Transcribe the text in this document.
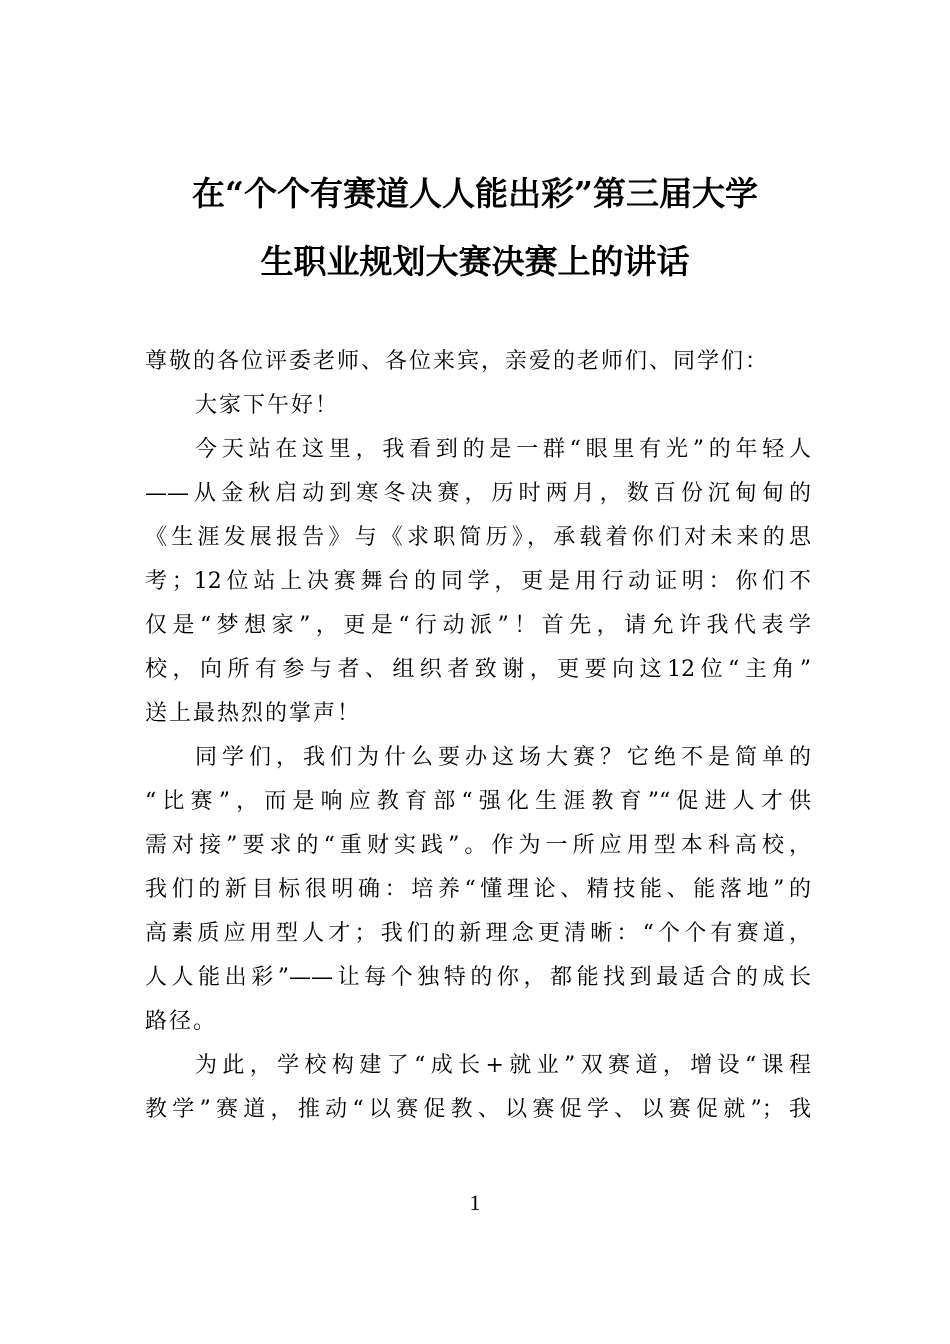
在“个个有赛道人人能出彩”第三届大学
生职业规划大赛决赛上的讲话
尊敬的各位评委老师、各位来宾，亲爱的老师们、同学们：
大家下午好！
今天站在这里，我看到的是一群“眼里有光”的年轻人
——从金秋启动到寒冬决赛，历时两月，数百份沉甸甸的
《生涯发展报告》与《求职简历》，承载着你们对未来的思
考；12位站上决赛舞台的同学，更是用行动证明：你们不
仅是“梦想家”，更是“行动派”！首先，请允许我代表学
校，向所有参与者、组织者致谢，更要向这12位“主角”
送上最热烈的掌声！
同学们，我们为什么要办这场大赛？它绝不是简单的
“比赛”，而是响应教育部“强化生涯教育”“促进人才供
需对接”要求的“重财实践”。作为一所应用型本科高校，
我们的新目标很明确：培养“懂理论、精技能、能落地”的
高素质应用型人才；我们的新理念更清晰：“个个有赛道，
人人能出彩”——让每个独特的你，都能找到最适合的成长
路径。
为此，学校构建了“成长+就业”双赛道，增设“课程
教学”赛道，推动“以赛促教、以赛促学、以赛促就”；我
1
